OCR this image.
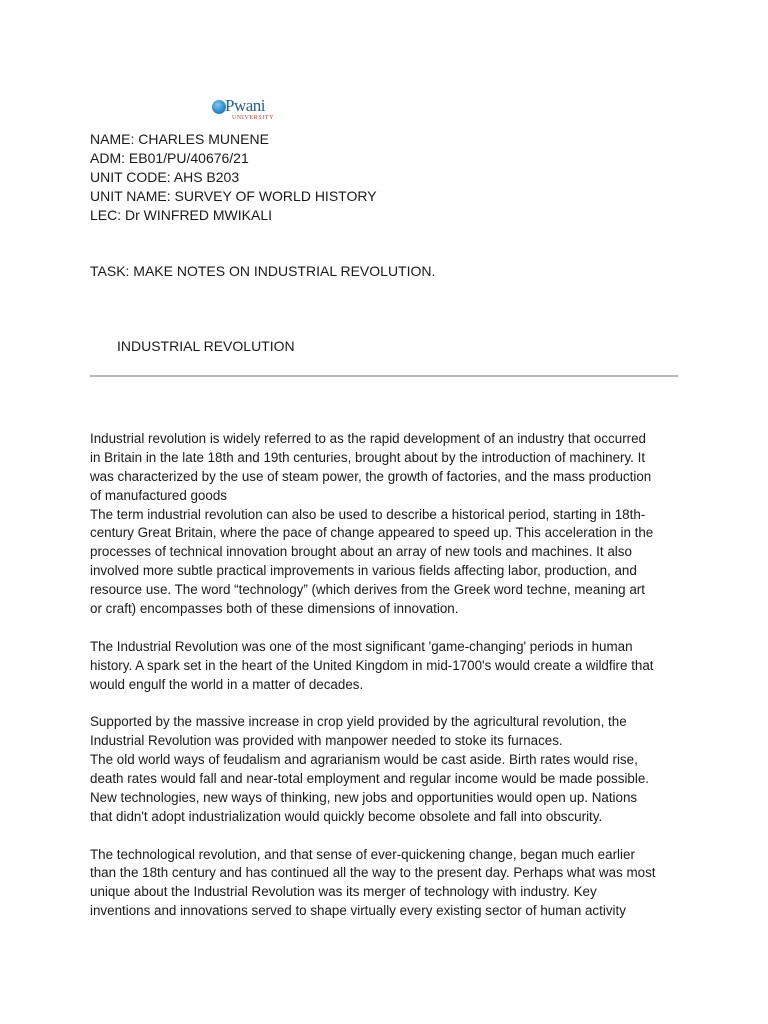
Pwani
UNIVERSITY
NAME: CHARLES MUNENE
ADM: EB01/PU/40676/21
UNIT CODE: AHS B203
UNIT NAME: SURVEY OF WORLD HISTORY
LEC: Dr WINFRED MWIKALI
TASK: MAKE NOTES ON INDUSTRIAL REVOLUTION.
INDUSTRIAL REVOLUTION
Industrial revolution is widely referred to as the rapid development of an industry that occurred
in Britain in the late 18th and 19th centuries, brought about by the introduction of machinery. It
was characterized by the use of steam power, the growth of factories, and the mass production
of manufactured goods
The term industrial revolution can also be used to describe a historical period, starting in 18th-
century Great Britain, where the pace of change appeared to speed up. This acceleration in the
processes of technical innovation brought about an array of new tools and machines. It also
involved more subtle practical improvements in various fields affecting labor, production, and
resource use. The word “technology” (which derives from the Greek word techne, meaning art
or craft) encompasses both of these dimensions of innovation.
The Industrial Revolution was one of the most significant 'game-changing' periods in human
history. A spark set in the heart of the United Kingdom in mid-1700's would create a wildfire that
would engulf the world in a matter of decades.
Supported by the massive increase in crop yield provided by the agricultural revolution, the
Industrial Revolution was provided with manpower needed to stoke its furnaces.
The old world ways of feudalism and agrarianism would be cast aside. Birth rates would rise,
death rates would fall and near-total employment and regular income would be made possible.
New technologies, new ways of thinking, new jobs and opportunities would open up. Nations
that didn't adopt industrialization would quickly become obsolete and fall into obscurity.
The technological revolution, and that sense of ever-quickening change, began much earlier
than the 18th century and has continued all the way to the present day. Perhaps what was most
unique about the Industrial Revolution was its merger of technology with industry. Key
inventions and innovations served to shape virtually every existing sector of human activity
